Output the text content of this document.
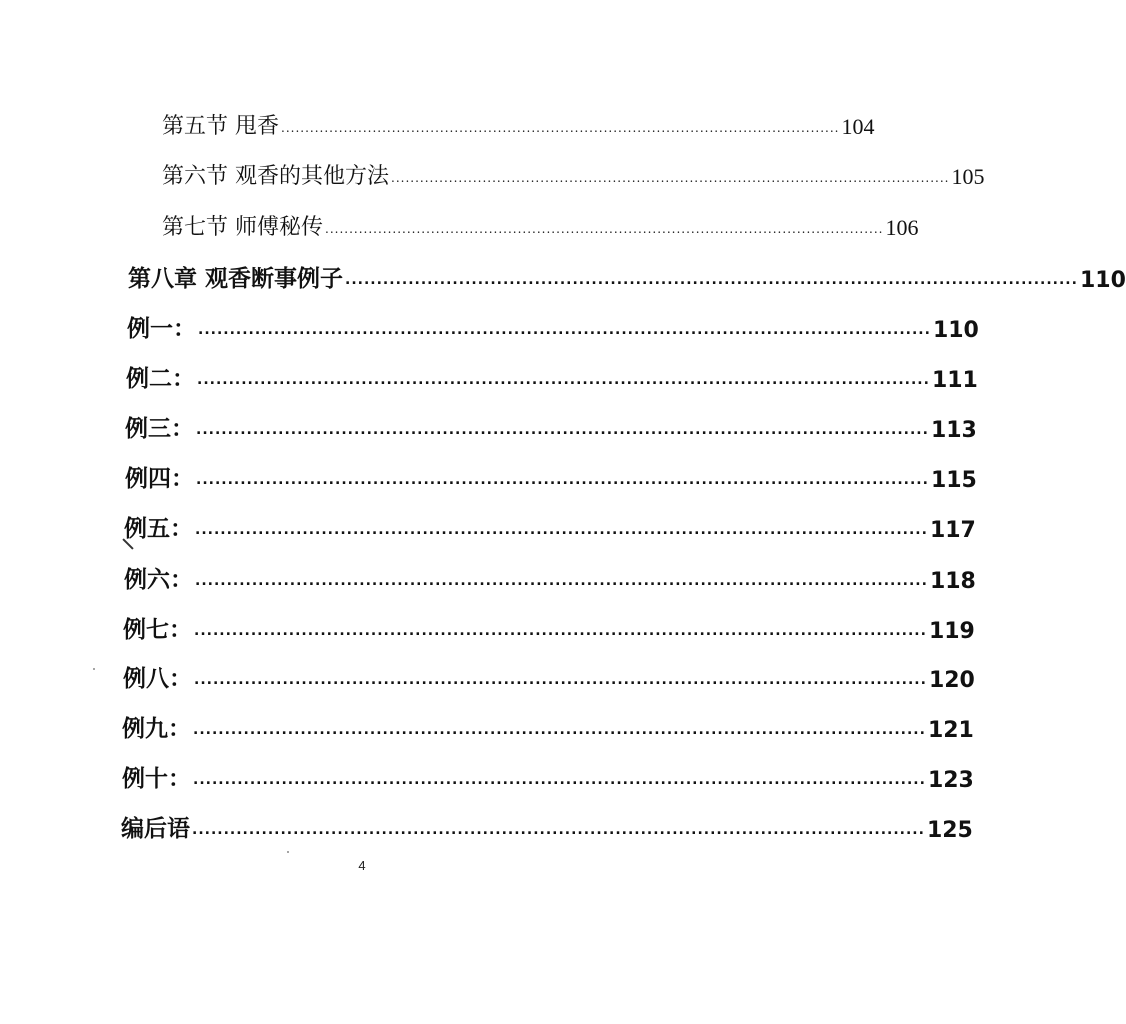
第五节 甩香 .................................................................................................................... 104
第六节 观香的其他方法 .................................................................................................................... 105
第七节 师傅秘传 .................................................................................................................... 106
第八章 观香断事例子 .................................................................................................................... 110
例一： .................................................................................................................... 110
例二： .................................................................................................................... 111
例三： .................................................................................................................... 113
例四： .................................................................................................................... 115
例五： .................................................................................................................... 117
例六： .................................................................................................................... 118
例七： .................................................................................................................... 119
例八： .................................................................................................................... 120
例九： .................................................................................................................... 121
例十： .................................................................................................................... 123
编后语 .................................................................................................................... 125
4
